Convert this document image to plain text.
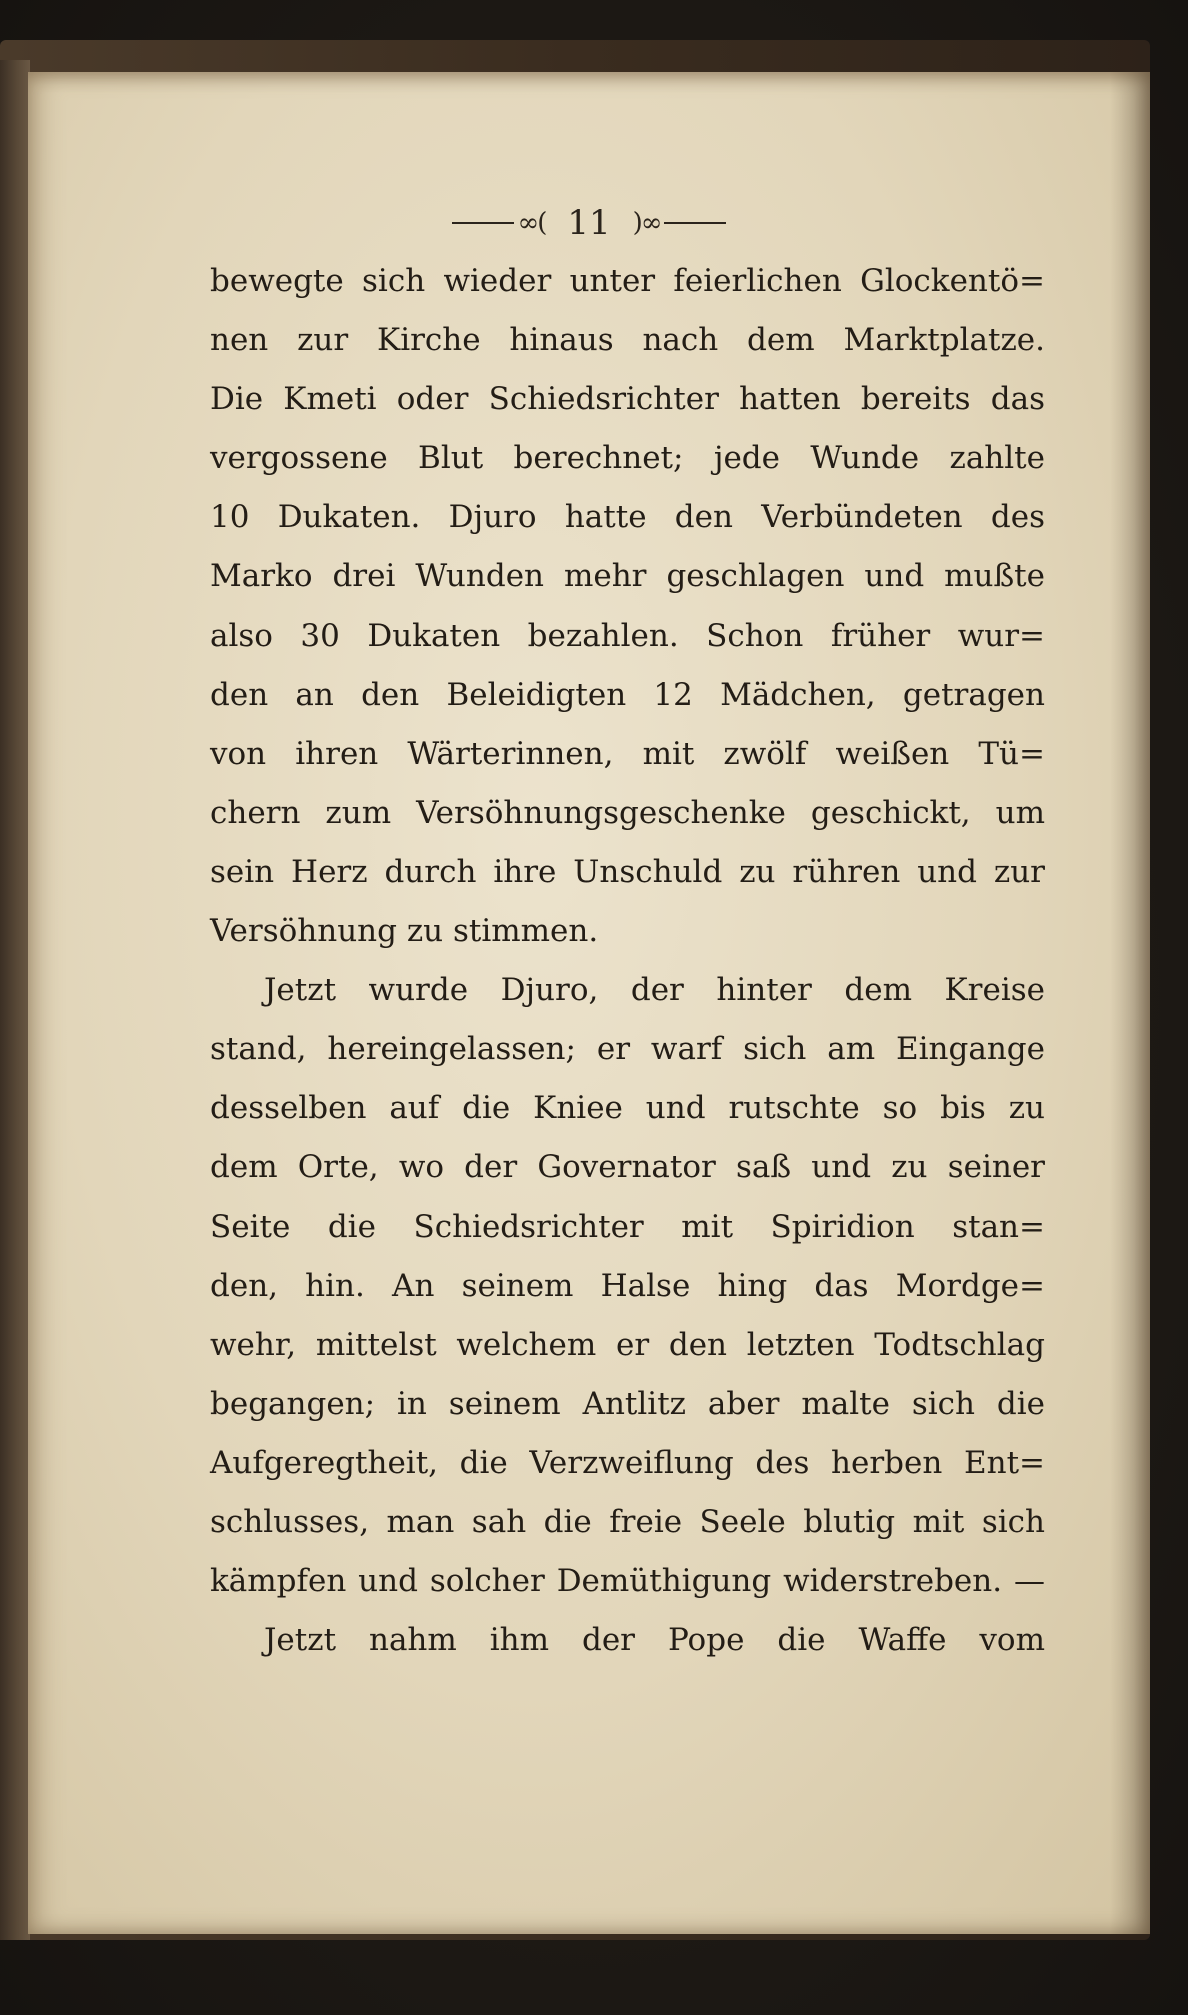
∞( 11 )∞
bewegte sich wieder unter feierlichen Glockentö=
nen zur Kirche hinaus nach dem Marktplatze.
Die Kmeti oder Schiedsrichter hatten bereits das
vergossene Blut berechnet; jede Wunde zahlte
10 Dukaten. Djuro hatte den Verbündeten des
Marko drei Wunden mehr geschlagen und mußte
also 30 Dukaten bezahlen. Schon früher wur=
den an den Beleidigten 12 Mädchen, getragen
von ihren Wärterinnen, mit zwölf weißen Tü=
chern zum Versöhnungsgeschenke geschickt, um
sein Herz durch ihre Unschuld zu rühren und zur
Versöhnung zu stimmen.
Jetzt wurde Djuro, der hinter dem Kreise
stand, hereingelassen; er warf sich am Eingange
desselben auf die Kniee und rutschte so bis zu
dem Orte, wo der Governator saß und zu seiner
Seite die Schiedsrichter mit Spiridion stan=
den, hin. An seinem Halse hing das Mordge=
wehr, mittelst welchem er den letzten Todtschlag
begangen; in seinem Antlitz aber malte sich die
Aufgeregtheit, die Verzweiflung des herben Ent=
schlusses, man sah die freie Seele blutig mit sich
kämpfen und solcher Demüthigung widerstreben. —
Jetzt nahm ihm der Pope die Waffe vom
